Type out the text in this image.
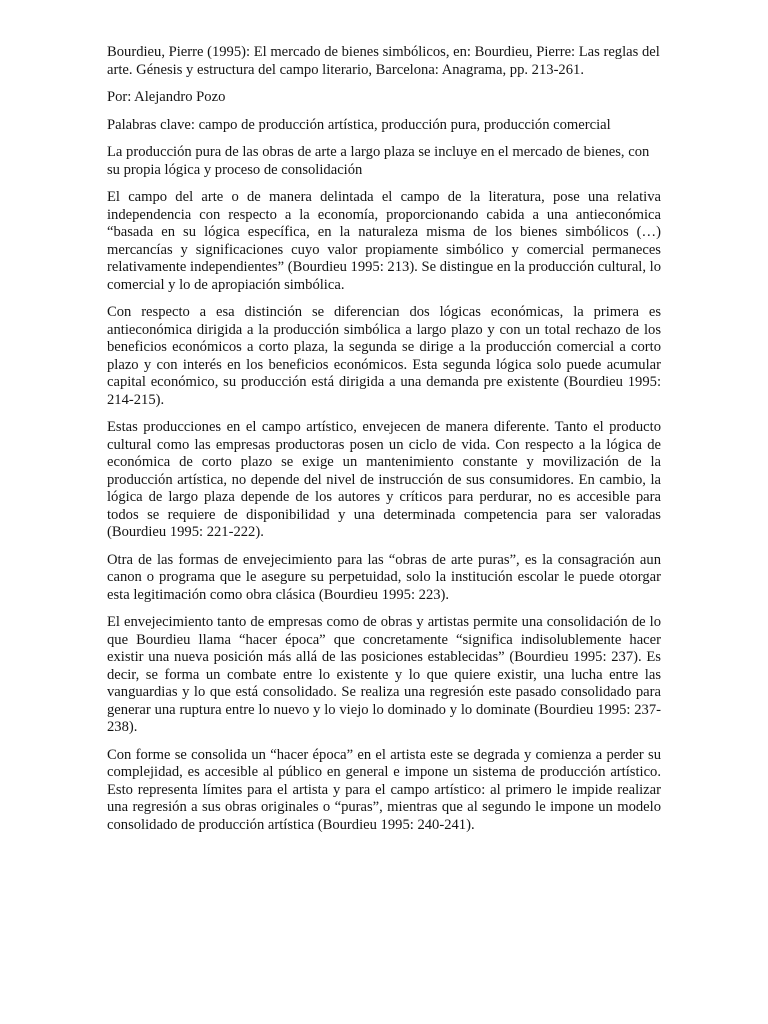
Bourdieu, Pierre (1995): El mercado de bienes simbólicos, en: Bourdieu, Pierre: Las reglas del arte. Génesis y estructura del campo literario, Barcelona: Anagrama, pp. 213-261.

Por: Alejandro Pozo

Palabras clave: campo de producción artística, producción pura, producción comercial

La producción pura de las obras de arte a largo plaza se incluye en el mercado de bienes, con su propia lógica y proceso de consolidación

El campo del arte o de manera delintada el campo de la literatura, pose una relativa independencia con respecto a la economía, proporcionando cabida a una antieconómica “basada en su lógica específica, en la naturaleza misma de los bienes simbólicos (…) mercancías y significaciones cuyo valor propiamente simbólico y comercial permaneces relativamente independientes” (Bourdieu 1995: 213). Se distingue en la producción cultural, lo comercial y lo de apropiación simbólica.

Con respecto a esa distinción se diferencian dos lógicas económicas, la primera es antieconómica dirigida a la producción simbólica a largo plazo y con un total rechazo de los beneficios económicos a corto plaza, la segunda se dirige a la producción comercial a corto plazo y con interés en los beneficios económicos. Esta segunda lógica solo puede acumular capital económico, su producción está dirigida a una demanda pre existente (Bourdieu 1995: 214-215).

Estas producciones en el campo artístico, envejecen de manera diferente. Tanto el producto cultural como las empresas productoras posen un ciclo de vida. Con respecto a la lógica de económica de corto plazo se exige un mantenimiento constante y movilización de la producción artística, no depende del nivel de instrucción de sus consumidores. En cambio, la lógica de largo plaza depende de los autores y críticos para perdurar, no es accesible para todos se requiere de disponibilidad y una determinada competencia para ser valoradas (Bourdieu 1995: 221-222).

Otra de las formas de envejecimiento para las “obras de arte puras”, es la consagración aun canon o programa que le asegure su perpetuidad, solo la institución escolar le puede otorgar esta legitimación como obra clásica (Bourdieu 1995: 223).

El envejecimiento tanto de empresas como de obras y artistas permite una consolidación de lo que Bourdieu llama “hacer época” que concretamente “significa indisolublemente hacer existir una nueva posición más allá de las posiciones establecidas” (Bourdieu 1995: 237). Es decir, se forma un combate entre lo existente y lo que quiere existir, una lucha entre las vanguardias y lo que está consolidado. Se realiza una regresión este pasado consolidado para generar una ruptura entre lo nuevo y lo viejo lo dominado y lo dominate (Bourdieu 1995: 237- 238).

Con forme se consolida un “hacer época” en el artista este se degrada y comienza a perder su complejidad, es accesible al público en general e impone un sistema de producción artístico. Esto representa límites para el artista y para el campo artístico: al primero le impide realizar una regresión a sus obras originales o “puras”, mientras que al segundo le impone un modelo consolidado de producción artística (Bourdieu 1995: 240-241).
